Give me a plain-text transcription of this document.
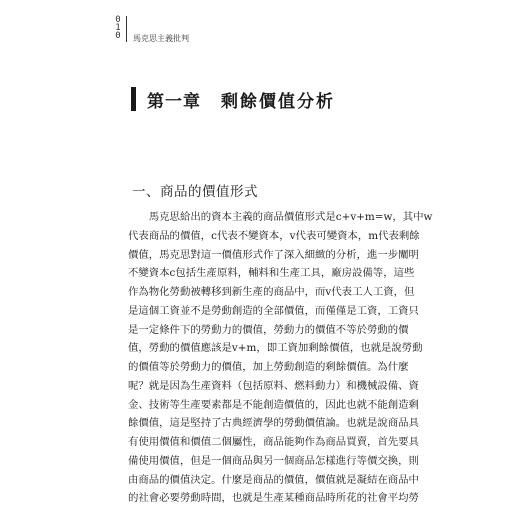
0
1
0 馬克思主義批判
第一章 剩餘價值分析
一、商品的價值形式
　　馬克思給出的資本主義的商品價值形式是c+v+m=w，其中w
代表商品的價值，c代表不變資本，v代表可變資本，m代表剩餘
價值，馬克思對這一價值形式作了深入細緻的分析，進一步闡明
不變資本c包括生產原料，輔料和生產工具，廠房設備等，這些
作為物化勞動被轉移到新生產的商品中，而v代表工人工資，但
是這個工資並不是勞動創造的全部價值，而僅僅是工資，工資只
是一定條件下的勞動力的價值，勞動力的價值不等於勞動的價
值，勞動的價值應該是v+m，即工資加剩餘價值，也就是說勞動
的價值等於勞動力的價值，加上勞動創造的剩餘價值。為什麼
呢？就是因為生產資料（包括原料、燃料動力）和機械設備、資
金、技術等生產要素都是不能創造價值的，因此也就不能創造剩
餘價值，這是堅持了古典經濟學的勞動價值論。也就是說商品具
有使用價值和價值二個屬性，商品能夠作為商品買賣，首先要具
備使用價值，但是一個商品與另一個商品怎樣進行等價交換，則
由商品的價值決定。什麼是商品的價值，價值就是凝結在商品中
的社會必要勞動時間，也就是生產某種商品時所花的社會平均勞
